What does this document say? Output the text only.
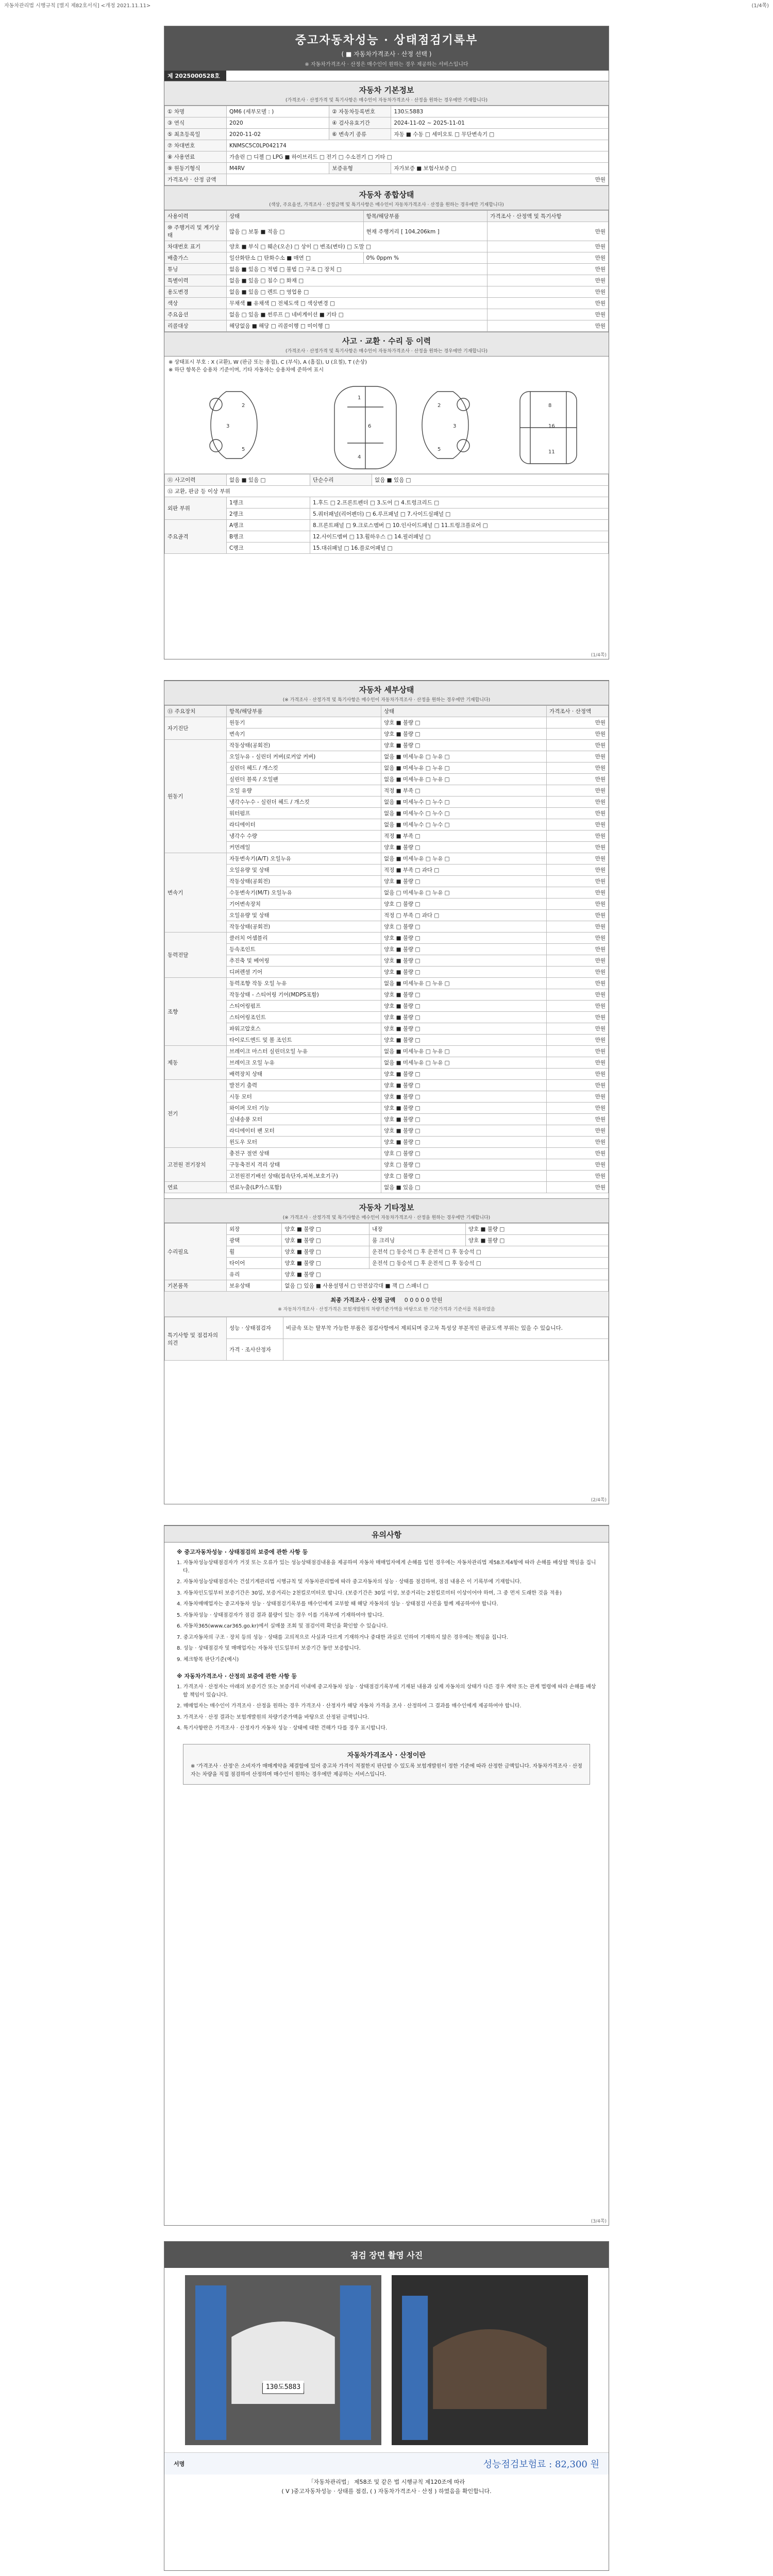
자동차관리법 시행규칙 [별지 제82호서식] <개정 2021.11.11>	(1/4쪽)
중고자동차성능 · 상태점검기록부
( ■ 자동차가격조사 · 산정 선택 )
※ 자동차가격조사 · 산정은 매수인이 원하는 경우 제공하는 서비스입니다
제 2025000528호
자동차 기본정보
(가격조사 · 산정가격 및 특기사항은 매수인이 자동차가격조사 · 산정을 원하는 경우에만 기재합니다)
① 차명	QM6 (세부모델 : )	② 자동차등록번호	130도5883
③ 연식	2020	④ 검사유효기간	2024-11-02 ~ 2025-11-01
⑤ 최초등록일	2020-11-02	⑥ 변속기 종류	자동 ■ 수동 □ 세미오토 □ 무단변속기 □
⑦ 차대번호	KNMSC5C0LP042174		
⑧ 사용연료	가솔린 □ 디젤 □ LPG ■ 하이브리드 □ 전기 □ 수소전기 □ 기타 □		
⑨ 원동기형식	M4RV	보증유형	자가보증 ■ 보험사보증 □
가격조사 · 산정 금액	만원		
자동차 종합상태
(색상, 주요옵션, 가격조사 · 산정금액 및 특기사항은 매수인이 자동차가격조사 · 산정을 원하는 경우에만 기재합니다)
사용이력	상태	항목/해당부품	가격조사 · 산정액 및 특기사항
⑩ 주행거리 및 계기상태	많음 □ 보통 ■ 적음 □	현재 주행거리 [ 104,206km ]	만원
차대번호 표기	양호 ■ 부식 □ 훼손(오손) □ 상이 □ 변조(변타) □ 도말 □		만원
배출가스	일산화탄소 □ 탄화수소 ■ 매연 □	0% 0ppm %	만원
튜닝	없음 ■ 있음 □ 적법 □ 불법 □ 구조 □ 장치 □		만원
특별이력	없음 ■ 있음 □ 침수 □ 화재 □		만원
용도변경	없음 ■ 있음 □ 렌트 □ 영업용 □		만원
색상	무채색 ■ 유채색 □ 전체도색 □ 색상변경 □		만원
주요옵션	없음 □ 있음 ■ 썬루프 □ 네비게이션 ■ 기타 □		만원
리콜대상	해당없음 ■ 해당 □ 리콜이행 □ 미이행 □		만원
사고 · 교환 · 수리 등 이력
(가격조사 · 산정가격 및 특기사항은 매수인이 자동차가격조사 · 산정을 원하는 경우에만 기재합니다)
※ 상태표시 부호 : X (교환), W (판금 또는 용접), C (부식), A (흠집), U (요철), T (손상)
※ 하단 항목은 승용차 기준이며, 기타 자동차는 승용차에 준하여 표시
1
6
4
3
2
5
3
2
5
8
16
11
⑪ 사고이력	없음 ■ 있음 □	단순수리	없음 ■ 있음 □
⑫ 교환, 판금 등 이상 부위			
외판 부위	1랭크	1.후드 □ 2.프론트펜더 □ 3.도어 □ 4.트렁크리드 □	
	2랭크	5.쿼터패널(리어펜더) □ 6.루프패널 □ 7.사이드실패널 □	
주요골격	A랭크	8.프론트패널 □ 9.크로스멤버 □ 10.인사이드패널 □ 11.트렁크플로어 □	
	B랭크	12.사이드멤버 □ 13.휠하우스 □ 14.필러패널 □	
	C랭크	15.대쉬패널 □ 16.플로어패널 □	
(1/4쪽)
자동차 세부상태
(※ 가격조사 · 산정가격 및 특기사항은 매수인이 자동차가격조사 · 산정을 원하는 경우에만 기재합니다)
⑬ 주요장치	항목/해당부품	상태	가격조사 · 산정액
자기진단	원동기	양호 ■ 불량 □	만원
	변속기	양호 ■ 불량 □	만원
원동기	작동상태(공회전)	양호 ■ 불량 □	만원
	오일누유 - 실린더 커버(로커암 커버)	없음 ■ 미세누유 □ 누유 □	만원
	실린더 헤드 / 개스킷	없음 ■ 미세누유 □ 누유 □	만원
	실린더 블록 / 오일팬	없음 ■ 미세누유 □ 누유 □	만원
	오일 유량	적정 ■ 부족 □	만원
	냉각수누수 - 실린더 헤드 / 개스킷	없음 ■ 미세누수 □ 누수 □	만원
	워터펌프	없음 ■ 미세누수 □ 누수 □	만원
	라디에이터	없음 ■ 미세누수 □ 누수 □	만원
	냉각수 수량	적정 ■ 부족 □	만원
	커먼레일	양호 ■ 불량 □	만원
변속기	자동변속기(A/T) 오일누유	없음 ■ 미세누유 □ 누유 □	만원
	오일유량 및 상태	적정 ■ 부족 □ 과다 □	만원
	작동상태(공회전)	양호 ■ 불량 □	만원
	수동변속기(M/T) 오일누유	없음 □ 미세누유 □ 누유 □	만원
	기어변속장치	양호 □ 불량 □	만원
	오일유량 및 상태	적정 □ 부족 □ 과다 □	만원
	작동상태(공회전)	양호 □ 불량 □	만원
동력전달	클러치 어셈블리	양호 ■ 불량 □	만원
	등속조인트	양호 ■ 불량 □	만원
	추진축 및 베어링	양호 ■ 불량 □	만원
	디퍼렌셜 기어	양호 ■ 불량 □	만원
조향	동력조향 작동 오일 누유	없음 ■ 미세누유 □ 누유 □	만원
	작동상태 - 스티어링 기어(MDPS포함)	양호 ■ 불량 □	만원
	스티어링펌프	양호 ■ 불량 □	만원
	스티어링조인트	양호 ■ 불량 □	만원
	파워고압호스	양호 ■ 불량 □	만원
	타이로드엔드 및 볼 조인트	양호 ■ 불량 □	만원
제동	브레이크 마스터 실린더오일 누유	없음 ■ 미세누유 □ 누유 □	만원
	브레이크 오일 누유	없음 ■ 미세누유 □ 누유 □	만원
	배력장치 상태	양호 ■ 불량 □	만원
전기	발전기 출력	양호 ■ 불량 □	만원
	시동 모터	양호 ■ 불량 □	만원
	와이퍼 모터 기능	양호 ■ 불량 □	만원
	실내송풍 모터	양호 ■ 불량 □	만원
	라디에이터 팬 모터	양호 ■ 불량 □	만원
	윈도우 모터	양호 ■ 불량 □	만원
고전원 전기장치	충전구 절연 상태	양호 □ 불량 □	만원
	구동축전지 격리 상태	양호 □ 불량 □	만원
	고전원전기배선 상태(접속단자,피복,보호기구)	양호 □ 불량 □	만원
연료	연료누출(LP가스포함)	없음 ■ 있음 □	만원
자동차 기타정보
(※ 가격조사 · 산정가격 및 특기사항은 매수인이 자동차가격조사 · 산정을 원하는 경우에만 기재합니다)
수리필요	외장	양호 ■ 불량 □	내장	양호 ■ 불량 □
	광택	양호 ■ 불량 □	룸 크리닝	양호 ■ 불량 □
	휠	양호 ■ 불량 □	운전석 □ 동승석 □ 후 운전석 □ 후 동승석 □	
	타이어	양호 ■ 불량 □	운전석 □ 동승석 □ 후 운전석 □ 후 동승석 □	
	유리	양호 ■ 불량 □		
기본품목	보유상태	없음 □ 있음 ■ 사용설명서 □ 안전삼각대 ■ 잭 □ 스패너 □		
최종 가격조사 · 산정 금액 0 0 0 0 0 만원
※ 자동차가격조사 · 산정가격은 보험개발원의 차량기준가액을 바탕으로 한 기준가격과 기준서를 적용하였음
특기사항 및 점검자의 의견	성능 · 상태점검자	비금속 또는 탈부착 가능한 부품은 점검사항에서 제외되며 중고차 특성상 부분적인 판금도색 부위는 있을 수 있습니다.
	가격 · 조사산정자	
(2/4쪽)
유의사항
※ 중고자동차성능 · 상태점검의 보증에 관한 사항 등

1. 자동차성능상태점검자가 거짓 또는 오류가 있는 성능상태점검내용을 제공하여 자동차 매매업자에게 손해를 입힌 경우에는 자동차관리법 제58조제4항에 따라 손해를 배상할 책임을 집니다.

2. 자동차성능상태점검자는 건설기계관리법 시행규칙 및 자동차관리법에 따라 중고자동차의 성능 · 상태를 점검하며, 점검 내용은 이 기록부에 기재합니다.

3. 자동차인도일부터 보증기간은 30일, 보증거리는 2천킬로미터로 합니다. (보증기간은 30일 이상, 보증거리는 2천킬로미터 이상이어야 하며, 그 중 먼저 도래한 것을 적용)

4. 자동차매매업자는 중고자동차 성능 · 상태점검기록부를 매수인에게 교부할 때 해당 자동차의 성능 · 상태점검 사진을 함께 제공하여야 합니다.

5. 자동차성능 · 상태점검자가 점검 결과 불량이 있는 경우 이를 기록부에 기재하여야 합니다.

6. 자동차365(www.car365.go.kr)에서 실매물 조회 및 점검이력 확인을 확인할 수 있습니다.

7. 중고자동차의 구조 · 장치 등의 성능 · 상태를 고의적으로 사실과 다르게 기재하거나 중대한 과실로 인하여 기재하지 않은 경우에는 책임을 집니다.

8. 성능 · 상태점검자 및 매매업자는 자동차 인도일부터 보증기간 동안 보증합니다.

9. 체크항목 판단기준(예시)

※ 자동차가격조사 · 산정의 보증에 관한 사항 등

1. 가격조사 · 산정자는 아래의 보증기간 또는 보증거리 이내에 중고자동차 성능 · 상태점검기록부에 기재된 내용과 실제 자동차의 상태가 다른 경우 계약 또는 관계 법령에 따라 손해를 배상할 책임이 있습니다.

2. 매매업자는 매수인이 가격조사 · 산정을 원하는 경우 가격조사 · 산정자가 해당 자동차 가격을 조사 · 산정하여 그 결과를 매수인에게 제공하여야 합니다.

3. 가격조사 · 산정 결과는 보험개발원의 차량기준가액을 바탕으로 산정된 금액입니다.

4. 특기사항란은 가격조사 · 산정자가 자동차 성능 · 상태에 대한 견해가 다를 경우 표시합니다.

자동차가격조사 · 산정이란
※ '가격조사 · 산정'은 소비자가 매매계약을 체결함에 있어 중고차 가격이 적절한지 판단할 수 있도록 보험개발원이 정한 기준에 따라 산정한 금액입니다. 자동차가격조사 · 산정자는 차량을 직접 점검하여 산정하며 매수인이 원하는 경우에만 제공하는 서비스입니다.
(3/4쪽)
점검 장면 촬영 사진
130도5883
서명	성능점검보험료 : 82,300 원
「자동차관리법」 제58조 및 같은 법 시행규칙 제120조에 따라
( V )중고자동차성능 · 상태를 점검, ( ) 자동차가격조사 · 산정 ) 하였음을 확인합니다.
